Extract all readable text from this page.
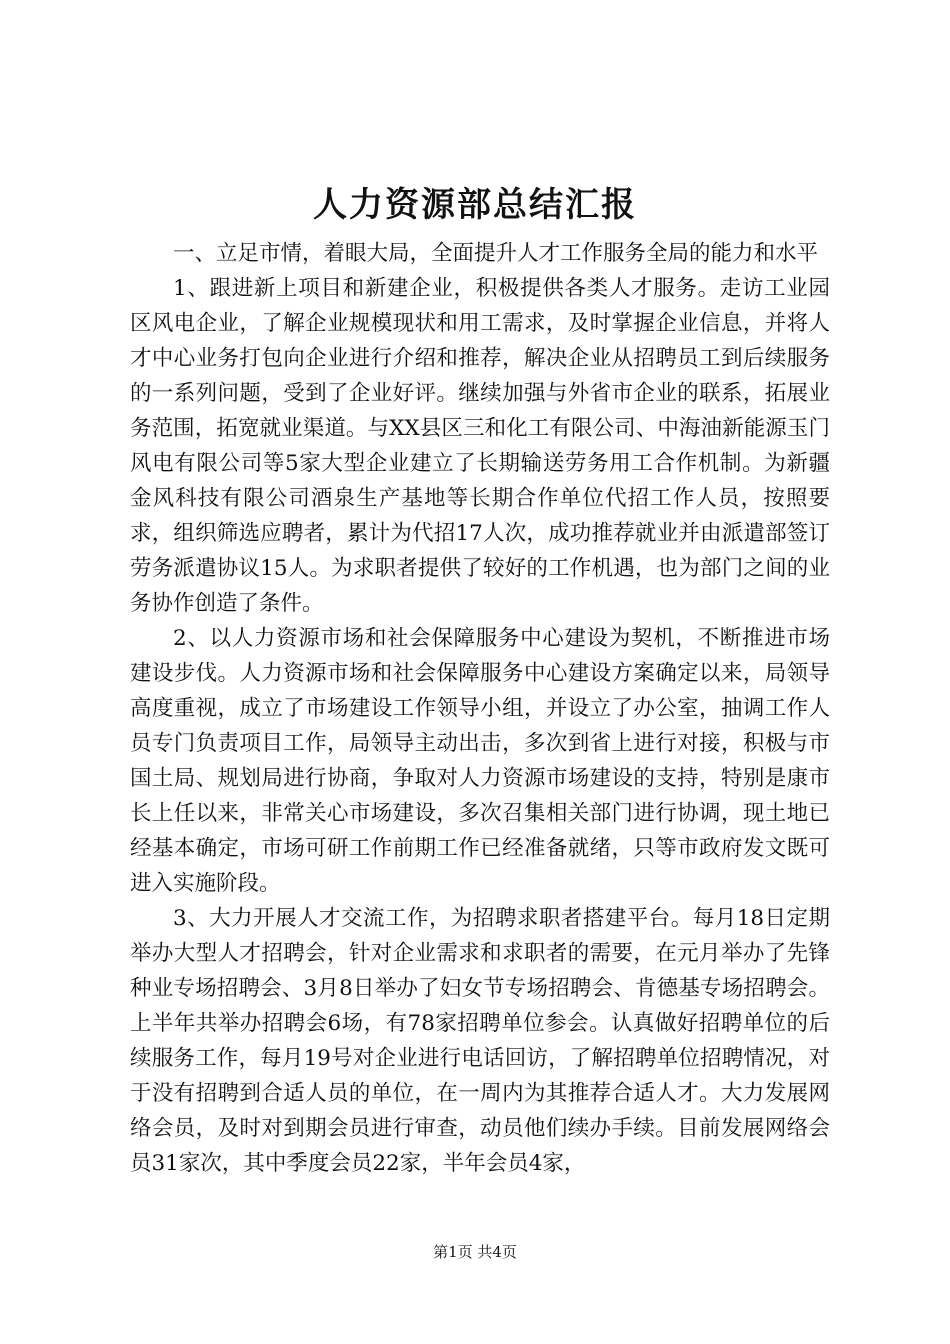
人力资源部总结汇报

一、立足市情，着眼大局，全面提升人才工作服务全局的能力和水平

1、跟进新上项目和新建企业，积极提供各类人才服务。走访工业园区风电企业，了解企业规模现状和用工需求，及时掌握企业信息，并将人才中心业务打包向企业进行介绍和推荐，解决企业从招聘员工到后续服务的一系列问题，受到了企业好评。继续加强与外省市企业的联系，拓展业务范围，拓宽就业渠道。与XX县区三和化工有限公司、中海油新能源玉门风电有限公司等5家大型企业建立了长期输送劳务用工合作机制。为新疆金风科技有限公司酒泉生产基地等长期合作单位代招工作人员，按照要求，组织筛选应聘者，累计为代招17人次，成功推荐就业并由派遣部签订劳务派遣协议15人。为求职者提供了较好的工作机遇，也为部门之间的业务协作创造了条件。

2、以人力资源市场和社会保障服务中心建设为契机，不断推进市场建设步伐。人力资源市场和社会保障服务中心建设方案确定以来，局领导高度重视，成立了市场建设工作领导小组，并设立了办公室，抽调工作人员专门负责项目工作，局领导主动出击，多次到省上进行对接，积极与市国土局、规划局进行协商，争取对人力资源市场建设的支持，特别是康市长上任以来，非常关心市场建设，多次召集相关部门进行协调，现土地已经基本确定，市场可研工作前期工作已经准备就绪，只等市政府发文既可进入实施阶段。

3、大力开展人才交流工作，为招聘求职者搭建平台。每月18日定期举办大型人才招聘会，针对企业需求和求职者的需要，在元月举办了先锋种业专场招聘会、3月8日举办了妇女节专场招聘会、肯德基专场招聘会。上半年共举办招聘会6场，有78家招聘单位参会。认真做好招聘单位的后续服务工作，每月19号对企业进行电话回访，了解招聘单位招聘情况，对于没有招聘到合适人员的单位，在一周内为其推荐合适人才。大力发展网络会员，及时对到期会员进行审查，动员他们续办手续。目前发展网络会员31家次，其中季度会员22家，半年会员4家，

第1页 共4页
